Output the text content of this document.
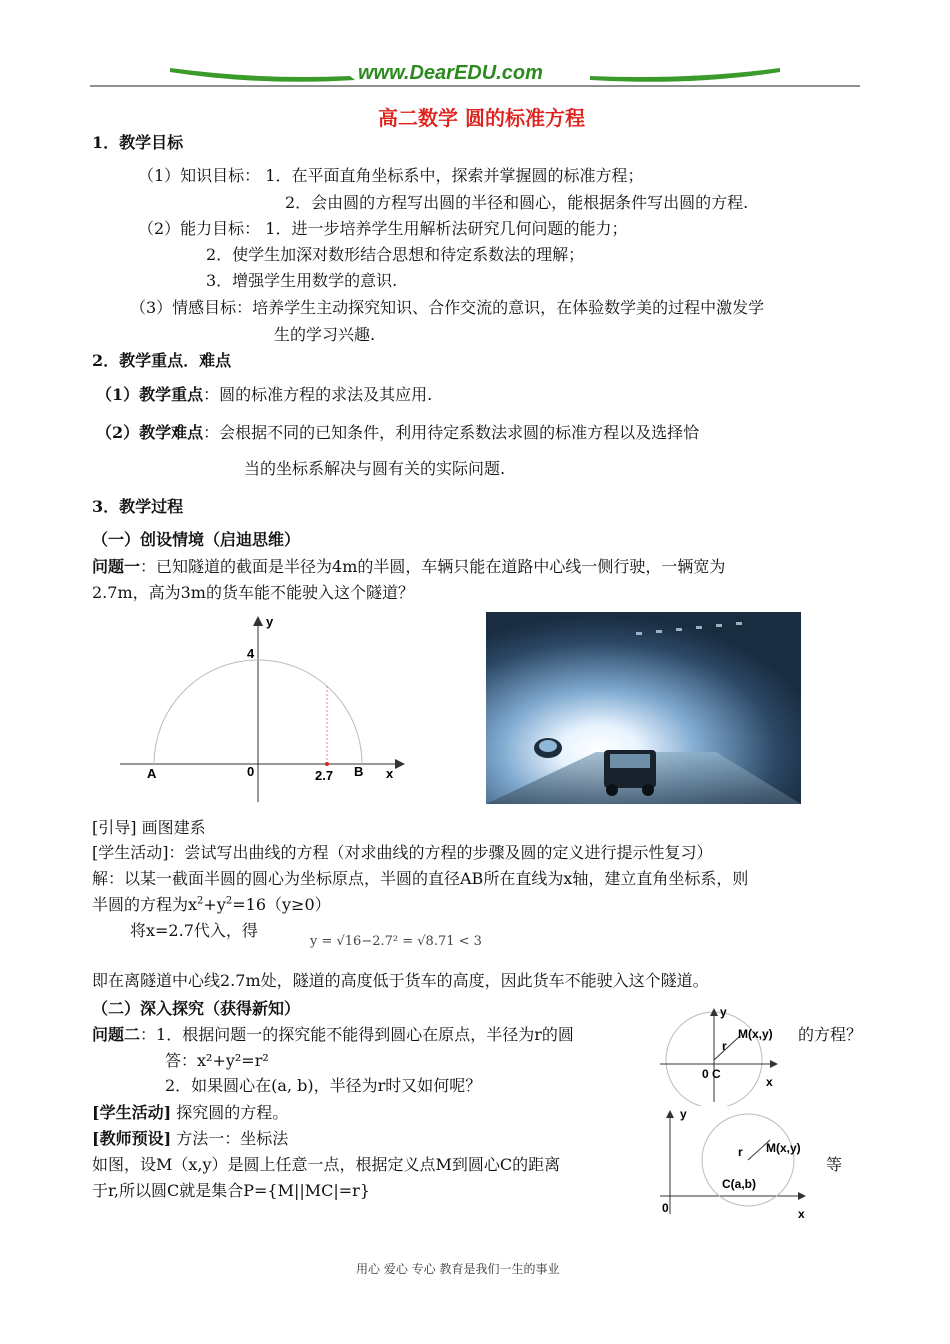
www.DearEDU.com
高二数学 圆的标准方程
1．教学目标
（1）知识目标： 1．在平面直角坐标系中，探索并掌握圆的标准方程；
2．会由圆的方程写出圆的半径和圆心，能根据条件写出圆的方程.
（2）能力目标： 1．进一步培养学生用解析法研究几何问题的能力；
2．使学生加深对数形结合思想和待定系数法的理解；
3．增强学生用数学的意识.
（3）情感目标：培养学生主动探究知识、合作交流的意识，在体验数学美的过程中激发学
生的学习兴趣.
2．教学重点．难点
（1）教学重点：圆的标准方程的求法及其应用.
（2）教学难点：会根据不同的已知条件，利用待定系数法求圆的标准方程以及选择恰
当的坐标系解决与圆有关的实际问题.
3．教学过程
（一）创设情境（启迪思维）
问题一：已知隧道的截面是半径为4m的半圆，车辆只能在道路中心线一侧行驶，一辆宽为
2.7m，高为3m的货车能不能驶入这个隧道？
y
4
A	0	2.7 B x
[引导] 画图建系
[学生活动]：尝试写出曲线的方程（对求曲线的方程的步骤及圆的定义进行提示性复习）
解：以某一截面半圆的圆心为坐标原点，半圆的直径AB所在直线为x轴，建立直角坐标系，则
半圆的方程为$x^2+y^2=16(y\ge 0)$
将x=2.7代入，得
y = √16−2.7² = √8.71 < 3
即在离隧道中心线2.7m处，隧道的高度低于货车的高度，因此货车不能驶入这个隧道。
（二）深入探究（获得新知）
问题二：1．根据问题一的探究能不能得到圆心在原点，半径为r的圆	的方程？
答：x²+y²=r²
2．如果圆心在(a, b)，半径为r时又如何呢？
y
M(x,y)
r
0 C
x
[学生活动] 探究圆的方程。
[教师预设] 方法一：坐标法
如图，设M（x,y）是圆上任意一点，根据定义点M到圆心C的距离	等
于r,所以圆C就是集合P={M||MC|=r}
y
M(x,y)
r
C(a,b)
0	x
用心 爱心 专心 教育是我们一生的事业
